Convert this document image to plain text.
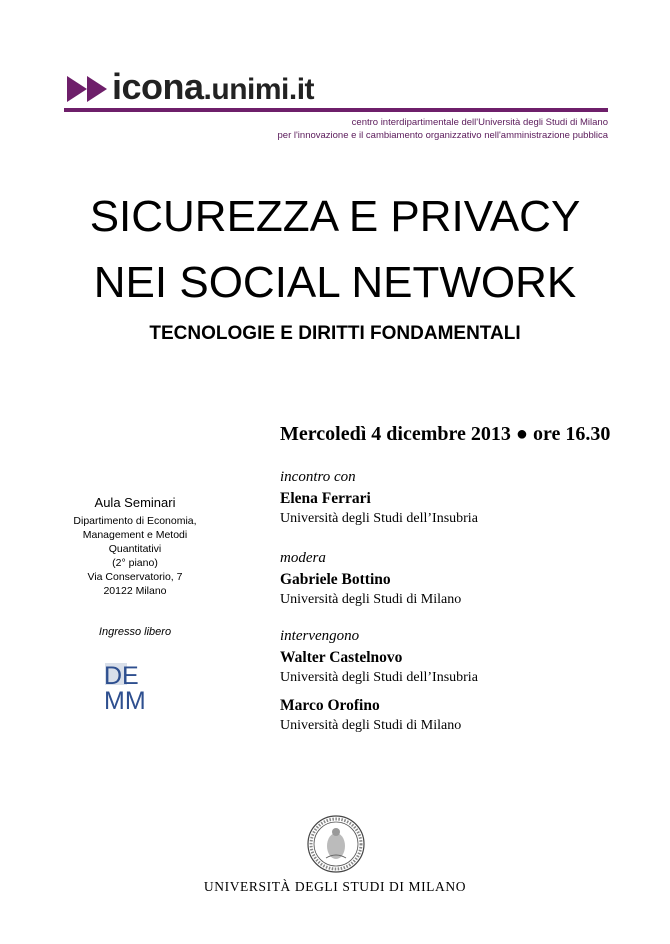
icona.unimi.it
centro interdipartimentale dell'Università degli Studi di Milano
per l'innovazione e il cambiamento organizzativo nell'amministrazione pubblica
SICUREZZA E PRIVACY
NEI SOCIAL NETWORK
TECNOLOGIE E DIRITTI FONDAMENTALI
Mercoledì 4 dicembre 2013 ● ore 16.30
incontro con
Elena Ferrari
Università degli Studi dell’Insubria
modera
Gabriele Bottino
Università degli Studi di Milano
intervengono
Walter Castelnovo
Università degli Studi dell’Insubria
Marco Orofino
Università degli Studi di Milano
Aula Seminari
Dipartimento di Economia,
Management e Metodi
Quantitativi
(2° piano)
Via Conservatorio, 7
20122 Milano
Ingresso libero
DE
MM
UNIVERSITÀ DEGLI STUDI DI MILANO
